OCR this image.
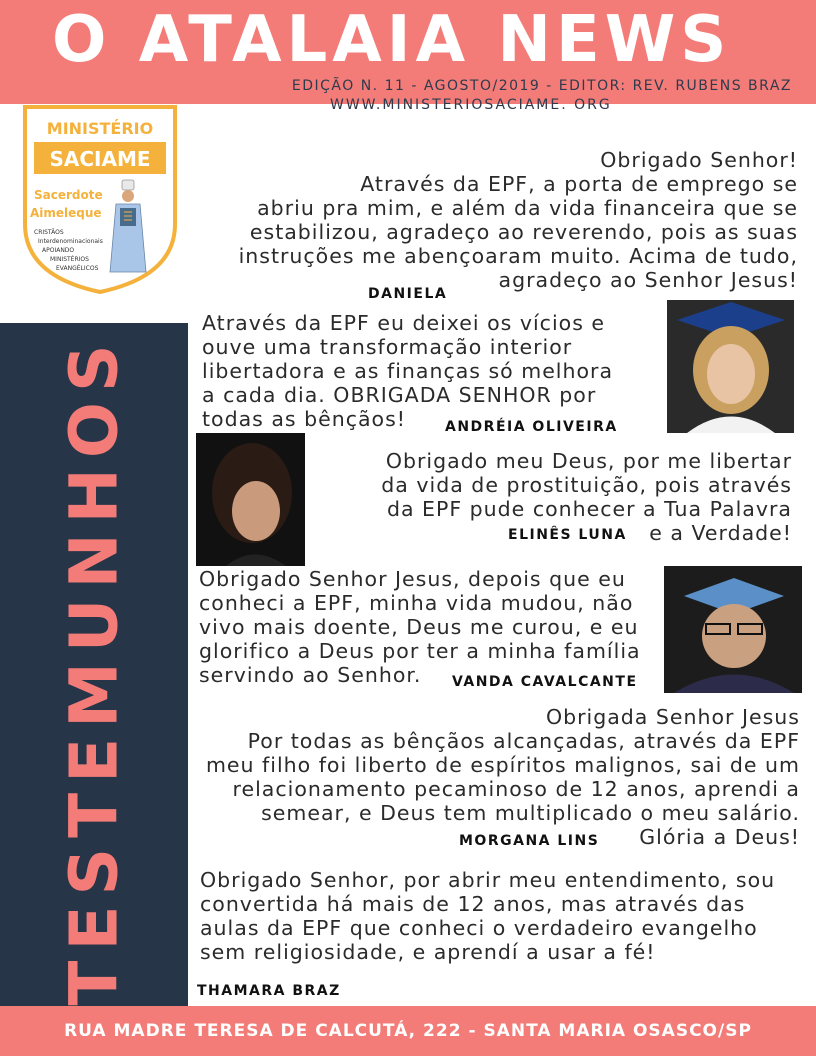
O ATALAIA NEWS
EDIÇÃO N. 11 - AGOSTO/2019 - EDITOR: REV. RUBENS BRAZ
WWW.MINISTERIOSACIAME. ORG
MINISTÉRIO
SACIAME
Sacerdote
Aimeleque
CRISTÃOS
Interdenominacionais
APOIANDO
MINISTÉRIOS
EVANGÉLICOS
TESTEMUNHOS
Obrigado Senhor!
Através da EPF, a porta de emprego se
abriu pra mim, e além da vida financeira que se
estabilizou, agradeço ao reverendo, pois as suas
instruções me abençoaram muito. Acima de tudo,
agradeço ao Senhor Jesus!
DANIELA
Através da EPF eu deixei os vícios e
ouve uma transformação interior
libertadora e as finanças só melhora
a cada dia. OBRIGADA SENHOR por
todas as bênçãos!	ANDRÉIA OLIVEIRA
Obrigado meu Deus, por me libertar
da vida de prostituição, pois através
da EPF pude conhecer a Tua Palavra
e a Verdade!
ELINÊS LUNA
Obrigado Senhor Jesus, depois que eu
conheci a EPF, minha vida mudou, não
vivo mais doente, Deus me curou, e eu
glorifico a Deus por ter a minha família
servindo ao Senhor.	VANDA CAVALCANTE
Obrigada Senhor Jesus
Por todas as bênçãos alcançadas, através da EPF
meu filho foi liberto de espíritos malignos, sai de um
relacionamento pecaminoso de 12 anos, aprendi a
semear, e Deus tem multiplicado o meu salário.
Glória a Deus!
MORGANA LINS
Obrigado Senhor, por abrir meu entendimento, sou
convertida há mais de 12 anos, mas através das
aulas da EPF que conheci o verdadeiro evangelho
sem religiosidade, e aprendí a usar a fé!
THAMARA BRAZ
RUA MADRE TERESA DE CALCUTÁ, 222 - SANTA MARIA OSASCO/SP
